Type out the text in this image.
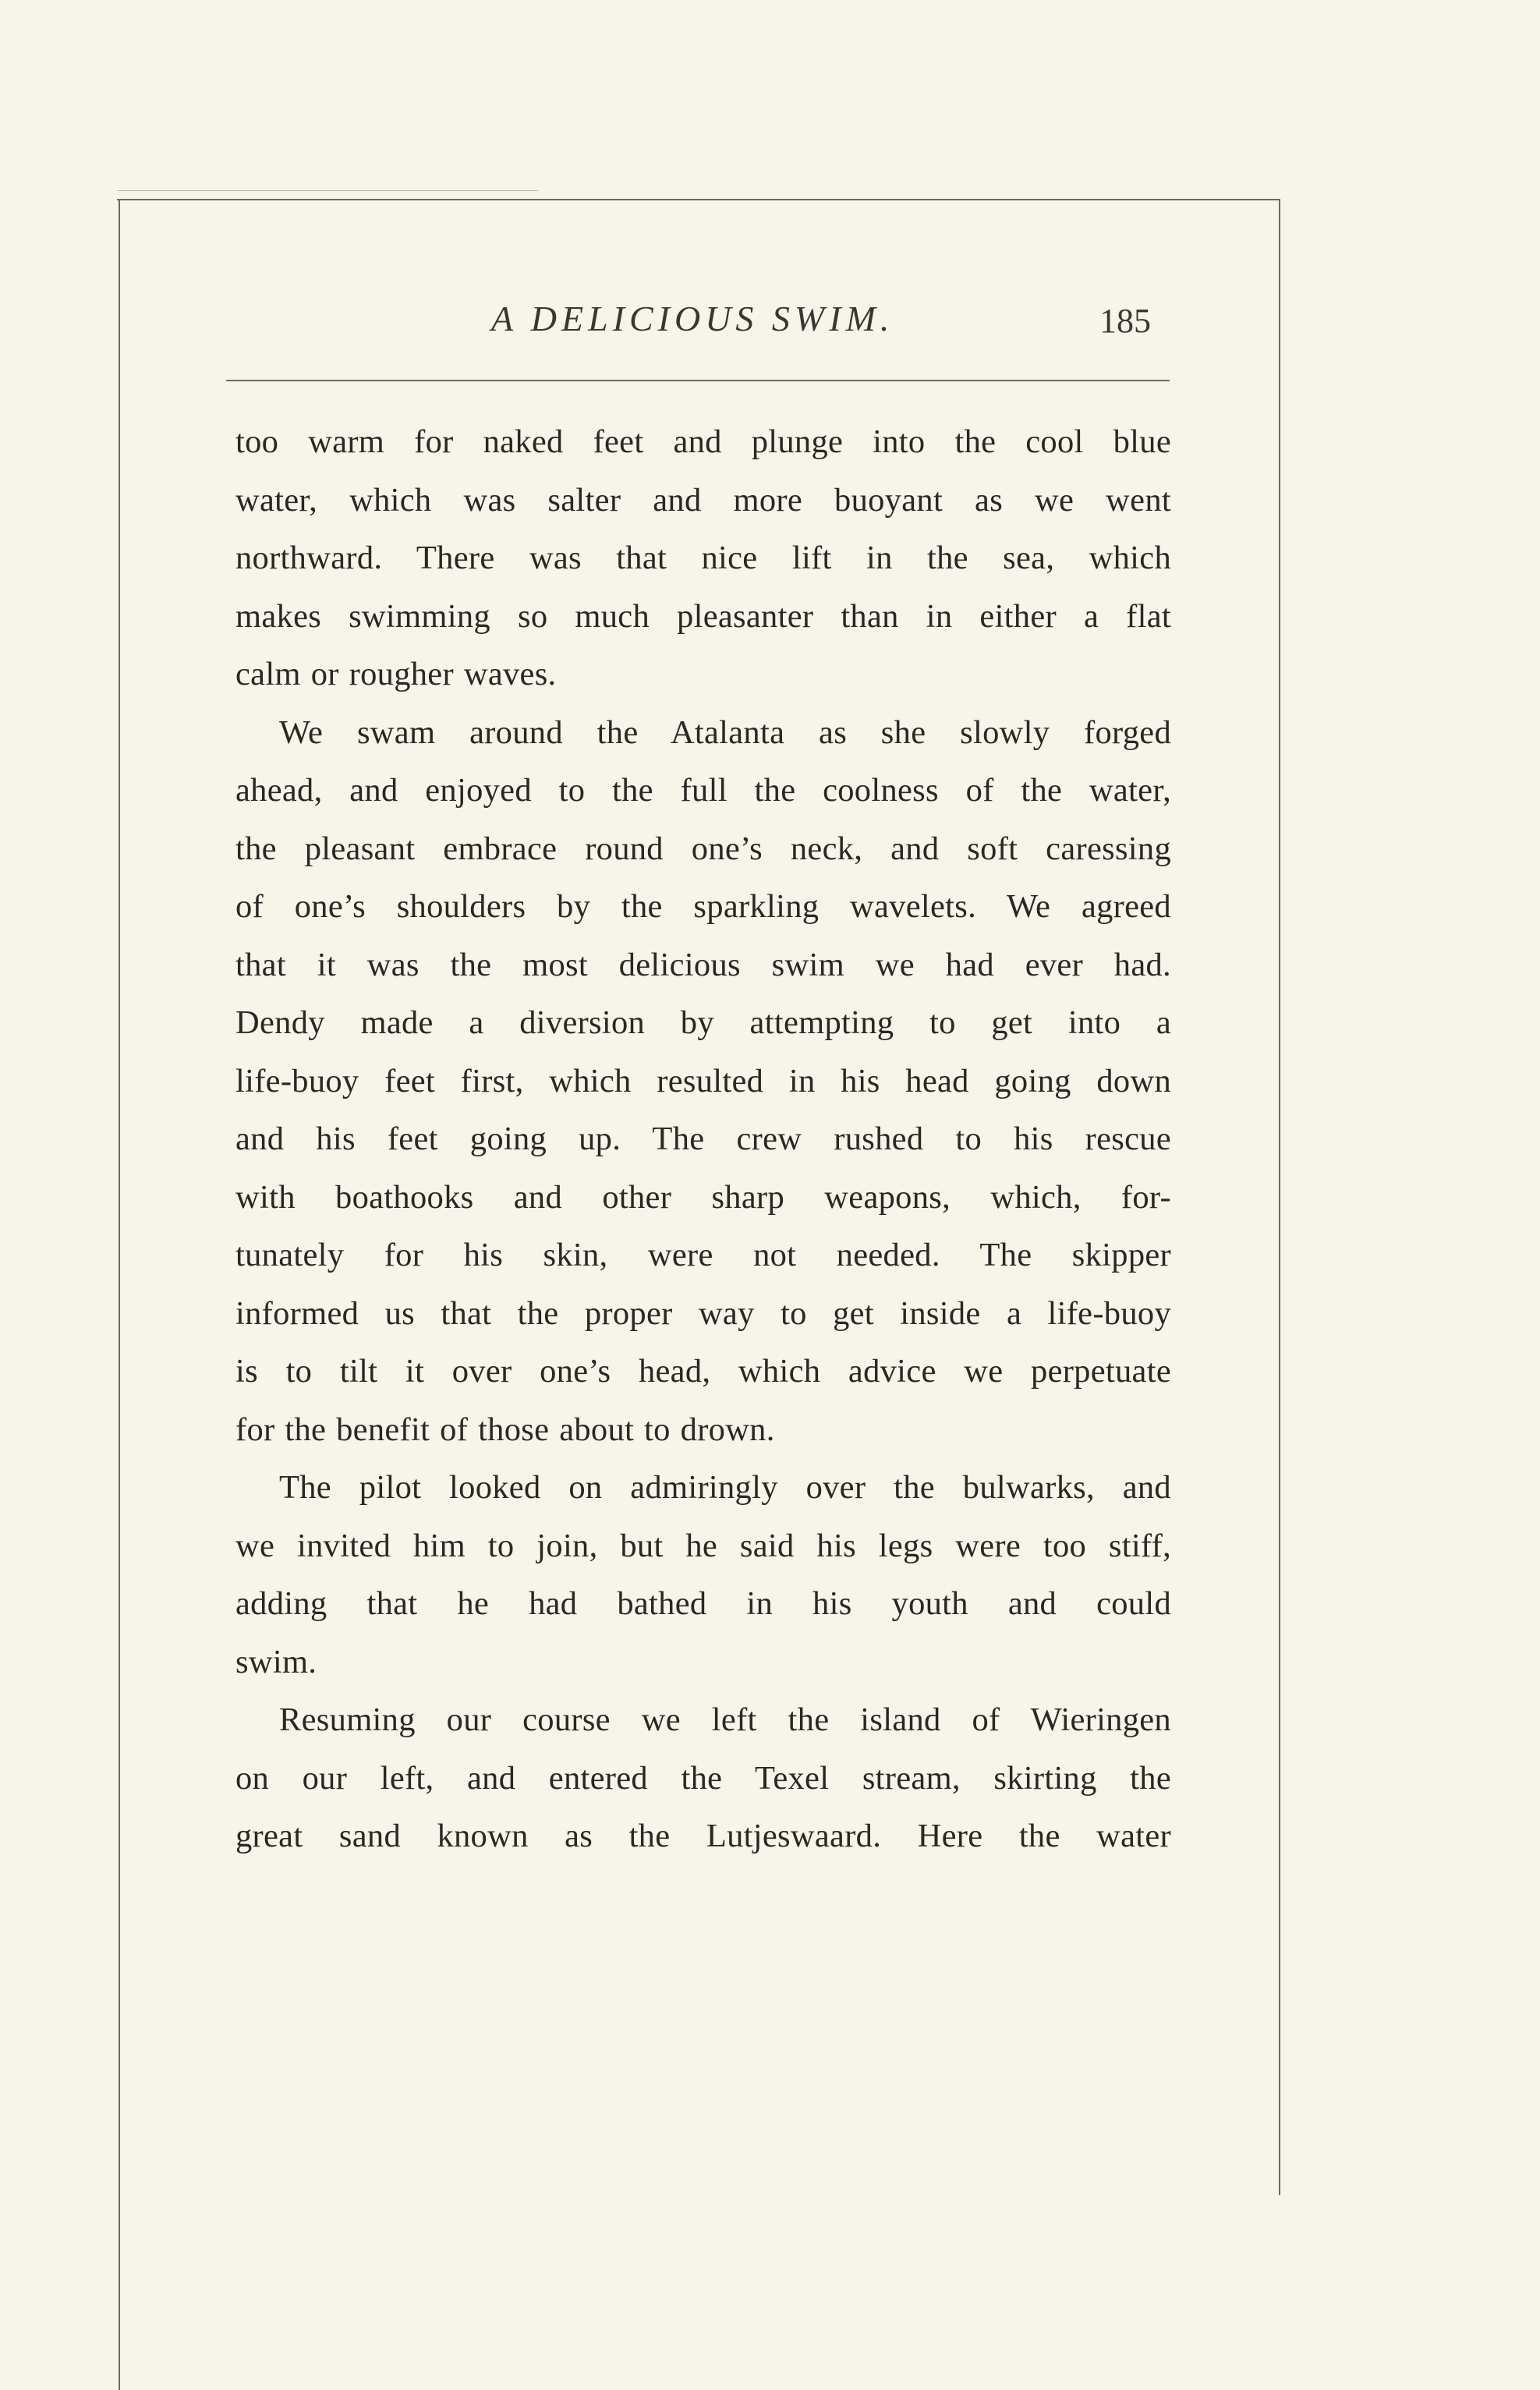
A DELICIOUS SWIM.	185

too warm for naked feet and plunge into the cool blue

water, which was salter and more buoyant as we went

northward. There was that nice lift in the sea, which

makes swimming so much pleasanter than in either a flat

calm or rougher waves.

We swam around the Atalanta as she slowly forged

ahead, and enjoyed to the full the coolness of the water,

the pleasant embrace round one’s neck, and soft caressing

of one’s shoulders by the sparkling wavelets. We agreed

that it was the most delicious swim we had ever had.

Dendy made a diversion by attempting to get into a

life-buoy feet first, which resulted in his head going down

and his feet going up. The crew rushed to his rescue

with boathooks and other sharp weapons, which, for-

tunately for his skin, were not needed. The skipper

informed us that the proper way to get inside a life-buoy

is to tilt it over one’s head, which advice we perpetuate

for the benefit of those about to drown.

The pilot looked on admiringly over the bulwarks, and

we invited him to join, but he said his legs were too stiff,

adding that he had bathed in his youth and could

swim.

Resuming our course we left the island of Wieringen

on our left, and entered the Texel stream, skirting the

great sand known as the Lutjeswaard. Here the water
